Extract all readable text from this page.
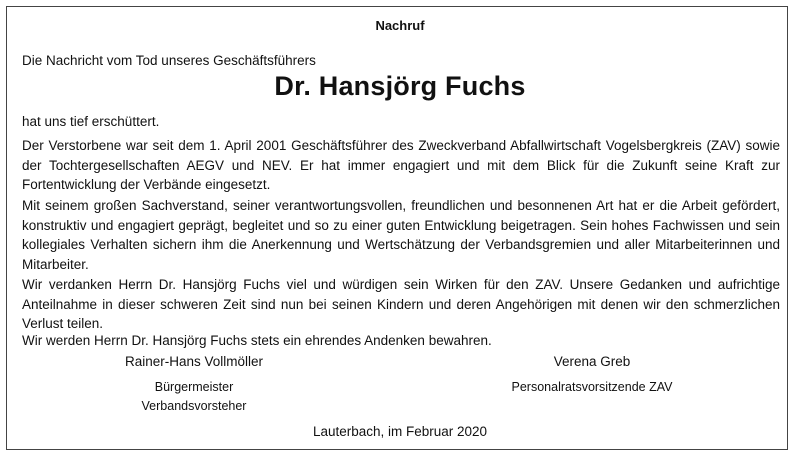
Nachruf
Die Nachricht vom Tod unseres Geschäftsführers
Dr. Hansjörg Fuchs
hat uns tief erschüttert.

Der Verstorbene war seit dem 1. April 2001 Geschäftsführer des Zweckverband Abfallwirtschaft Vogelsbergkreis (ZAV) sowie der Tochtergesellschaften AEGV und NEV. Er hat immer engagiert und mit dem Blick für die Zukunft seine Kraft zur Fortentwicklung der Verbände eingesetzt.

Mit seinem großen Sachverstand, seiner verantwortungsvollen, freundlichen und besonnenen Art hat er die Arbeit gefördert, konstruktiv und engagiert geprägt, begleitet und so zu einer guten Entwicklung beigetragen. Sein hohes Fachwissen und sein kollegiales Verhalten sichern ihm die Anerkennung und Wertschätzung der Verbandsgremien und aller Mitarbeiterinnen und Mitarbeiter.

Wir verdanken Herrn Dr. Hansjörg Fuchs viel und würdigen sein Wirken für den ZAV. Unsere Gedanken und aufrichtige Anteilnahme in dieser schweren Zeit sind nun bei seinen Kindern und deren Angehörigen mit denen wir den schmerzlichen Verlust teilen.

Wir werden Herrn Dr. Hansjörg Fuchs stets ein ehrendes Andenken bewahren.

Rainer-Hans Vollmöller
Bürgermeister
Verbandsvorsteher
Verena Greb
Personalratsvorsitzende ZAV
Lauterbach, im Februar 2020
